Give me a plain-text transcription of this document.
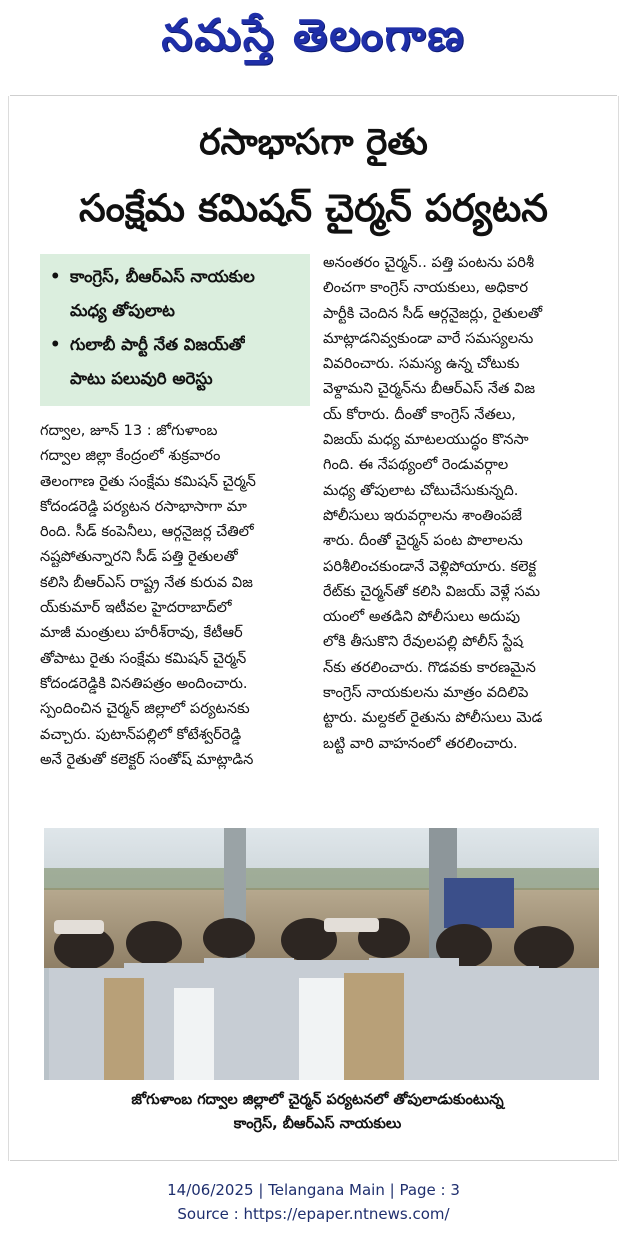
నమస్తే తెలంగాణ
రసాభాసగా రైతు
సంక్షేమ కమిషన్ చైర్మన్ పర్యటన
• కాంగ్రెస్, బీఆర్ఎస్ నాయకుల
మధ్య తోపులాట
• గులాబీ పార్టీ నేత విజయ్‌తో
పాటు పలువురి అరెస్టు
గద్వాల, జూన్ 13 : జోగుళాంబ
గద్వాల జిల్లా కేంద్రంలో శుక్రవారం
తెలంగాణ రైతు సంక్షేమ కమిషన్ చైర్మన్
కోదండరెడ్డి పర్యటన రసాభాసాగా మా
రింది. సీడ్ కంపెనీలు, ఆర్గనైజర్ల చేతిలో
నష్టపోతున్నారని సీడ్ పత్తి రైతులతో
కలిసి బీఆర్ఎస్ రాష్ట్ర నేత కురువ విజ
య్‌కుమార్ ఇటీవల హైదరాబాద్‌లో
మాజీ మంత్రులు హరీశ్‌రావు, కేటీఆర్
తోపాటు రైతు సంక్షేమ కమిషన్ చైర్మన్
కోదండరెడ్డికి వినతిపత్రం అందించారు.
స్పందించిన చైర్మన్ జిల్లాలో పర్యటనకు
వచ్చారు. పుటాన్‌పల్లిలో కోటేశ్వర్‌రెడ్డి
అనే రైతుతో కలెక్టర్ సంతోష్ మాట్లాడిన
అనంతరం చైర్మన్.. పత్తి పంటను పరిశీ
లించగా కాంగ్రెస్ నాయకులు, అధికార
పార్టీకి చెందిన సీడ్ ఆర్గనైజర్లు, రైతులతో
మాట్లాడనివ్వకుండా వారే సమస్యలను
వివరించారు. సమస్య ఉన్న చోటుకు
వెళ్దామని చైర్మన్‌ను బీఆర్ఎస్ నేత విజ
య్ కోరారు. దీంతో కాంగ్రెస్ నేతలు,
విజయ్ మధ్య మాటలయుద్ధం కొనసా
గింది. ఈ నేపథ్యంలో రెండువర్గాల
మధ్య తోపులాట చోటుచేసుకున్నది.
పోలీసులు ఇరువర్గాలను శాంతింపజే
శారు. దీంతో చైర్మన్ పంట పొలాలను
పరిశీలించకుండానే వెళ్లిపోయారు. కలెక్ట
రేట్‌కు చైర్మన్‌తో కలిసి విజయ్ వెళ్లే సమ
యంలో అతడిని పోలీసులు అదుపు
లోకి తీసుకొని రేవులపల్లి పోలీస్ స్టేష
న్‌కు తరలించారు. గొడవకు కారణమైన
కాంగ్రెస్ నాయకులను మాత్రం వదిలిపె
ట్టారు. మల్దకల్ రైతును పోలీసులు మెడ
బట్టి వారి వాహనంలో తరలించారు.
జోగుళాంబ గద్వాల జిల్లాలో చైర్మన్ పర్యటనలో తోపులాడుకుంటున్న
కాంగ్రెస్, బీఆర్ఎస్ నాయకులు
14/06/2025 | Telangana Main | Page : 3
Source : https://epaper.ntnews.com/
